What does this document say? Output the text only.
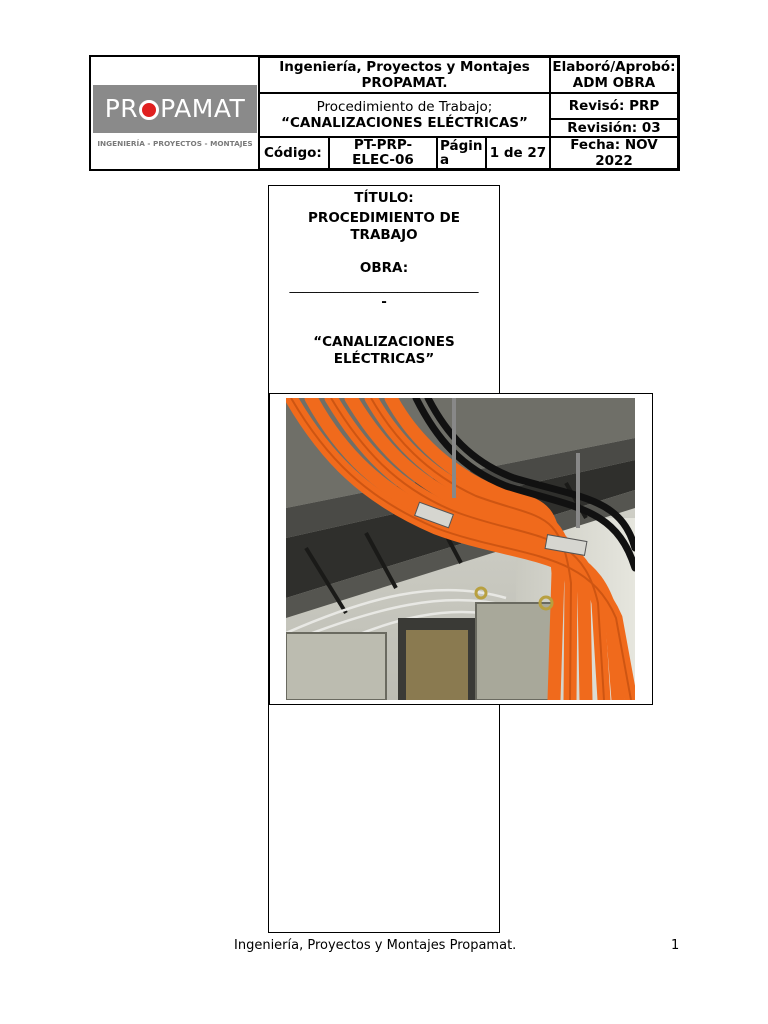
PR PAMAT
INGENIERÍA - PROYECTOS - MONTAJES
Ingeniería, Proyectos y Montajes
PROPAMAT.
Procedimiento de Trabajo;
“CANALIZACIONES ELÉCTRICAS”
Código:	PT-PRP-ELEC-06
Págin a	1 de 27
Elaboró/Aprobó:
ADM OBRA
Revisó: PRP
Revisión: 03
Fecha: NOV 2022
TÍTULO:
PROCEDIMIENTO DE TRABAJO
OBRA:
____________________________
-
“CANALIZACIONES ELÉCTRICAS”
Ingeniería, Proyectos y Montajes Propamat.	1
